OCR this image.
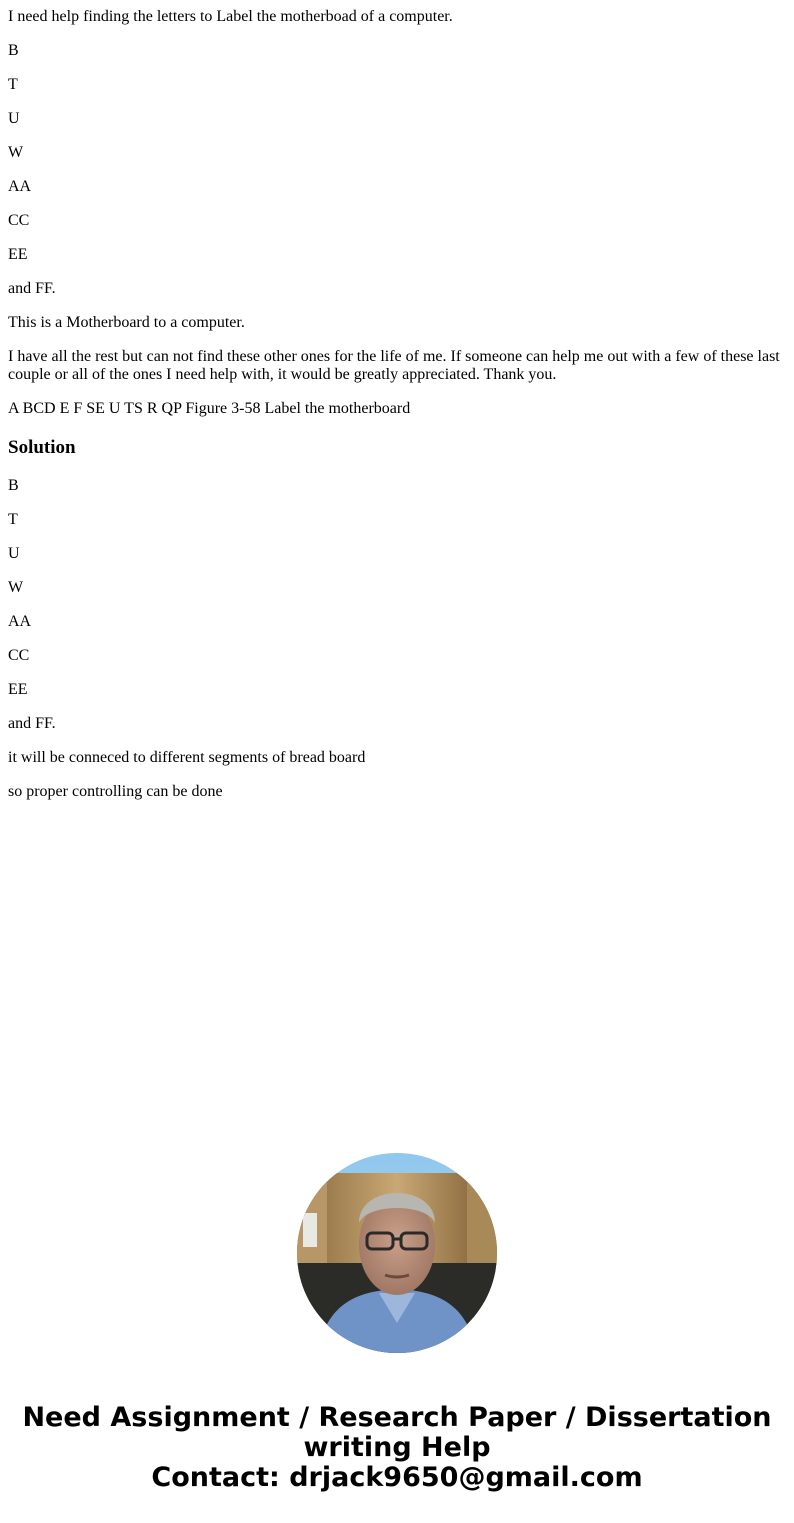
I need help finding the letters to Label the motherboad of a computer.

B

T

U

W

AA

CC

EE

and FF.

This is a Motherboard to a computer.

I have all the rest but can not find these other ones for the life of me. If someone can help me out with a few of these last couple or all of the ones I need help with, it would be greatly appreciated. Thank you.

A BCD E F SE U TS R QP Figure 3-58 Label the motherboard

Solution

B

T

U

W

AA

CC

EE

and FF.

it will be conneced to different segments of bread board

so proper controlling can be done

Need Assignment / Research Paper / Dissertation
writing Help
Contact: drjack9650@gmail.com
